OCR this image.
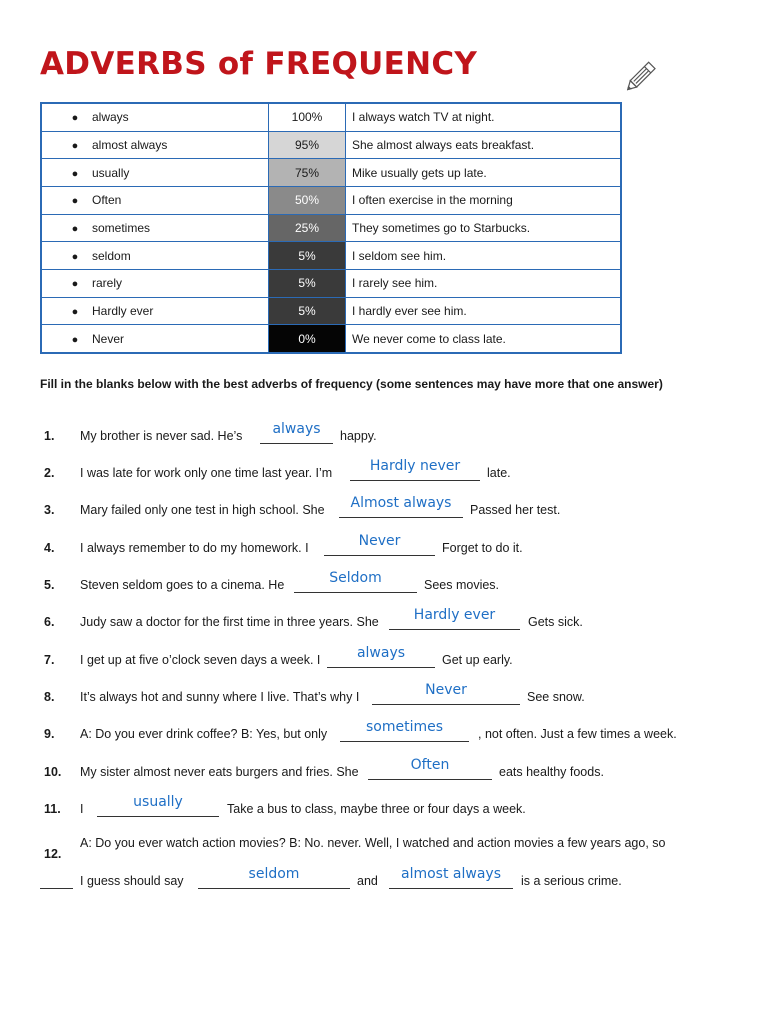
ADVERBS of FREQUENCY
● always	100%	I always watch TV at night.
● almost always	95%	She almost always eats breakfast.
● usually	75%	Mike usually gets up late.
● Often	50%	I often exercise in the morning
● sometimes	25%	They sometimes go to Starbucks.
● seldom	5%	I seldom see him.
● rarely	5%	I rarely see him.
● Hardly ever	5%	I hardly ever see him.
● Never	0%	We never come to class late.
Fill in the blanks below with the best adverbs of frequency (some sentences may have more that one answer)
1. My brother is never sad. He’s	always	happy.
2. I was late for work only one time last year. I’m	Hardly never	late.
3. Mary failed only one test in high school. She	Almost always	Passed her test.
4. I always remember to do my homework. I	Never	Forget to do it.
5. Steven seldom goes to a cinema. He	Seldom	Sees movies.
6. Judy saw a doctor for the first time in three years. She	Hardly ever	Gets sick.
7. I get up at five o’clock seven days a week. I	always	Get up early.
8. It’s always hot and sunny where I live. That’s why I	Never	See snow.
9. A: Do you ever drink coffee? B: Yes, but only	sometimes	, not often. Just a few times a week.
10. My sister almost never eats burgers and fries. She	Often	eats healthy foods.
11. I	usually	Take a bus to class, maybe three or four days a week.
12.
A: Do you ever watch action movies? B: No. never. Well, I watched and action movies a few years ago, so
I guess should say	seldom	and	almost always	is a serious crime.
